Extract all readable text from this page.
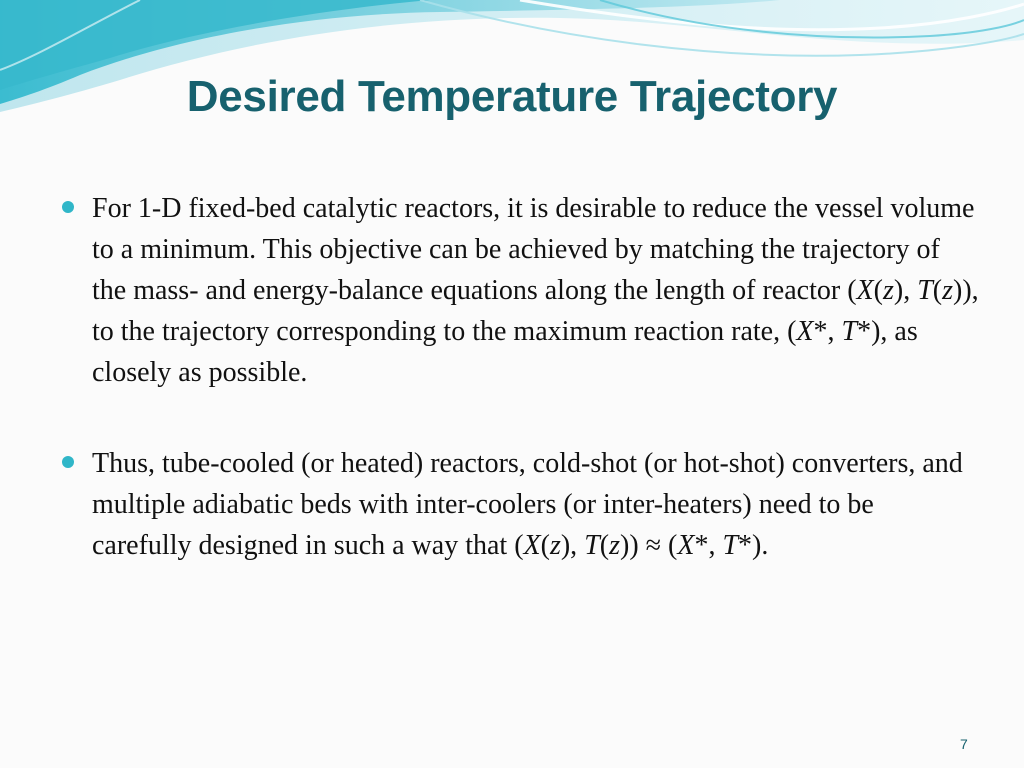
Desired Temperature Trajectory
For 1-D fixed-bed catalytic reactors, it is desirable to reduce the vessel volume to a minimum. This objective can be achieved by matching the trajectory of the mass- and energy-balance equations along the length of reactor (X(z), T(z)), to the trajectory corresponding to the maximum reaction rate, (X*, T*), as closely as possible.
Thus, tube-cooled (or heated) reactors, cold-shot (or hot-shot) converters, and multiple adiabatic beds with inter-coolers (or inter-heaters) need to be carefully designed in such a way that (X(z), T(z)) ≈ (X*, T*).
7
